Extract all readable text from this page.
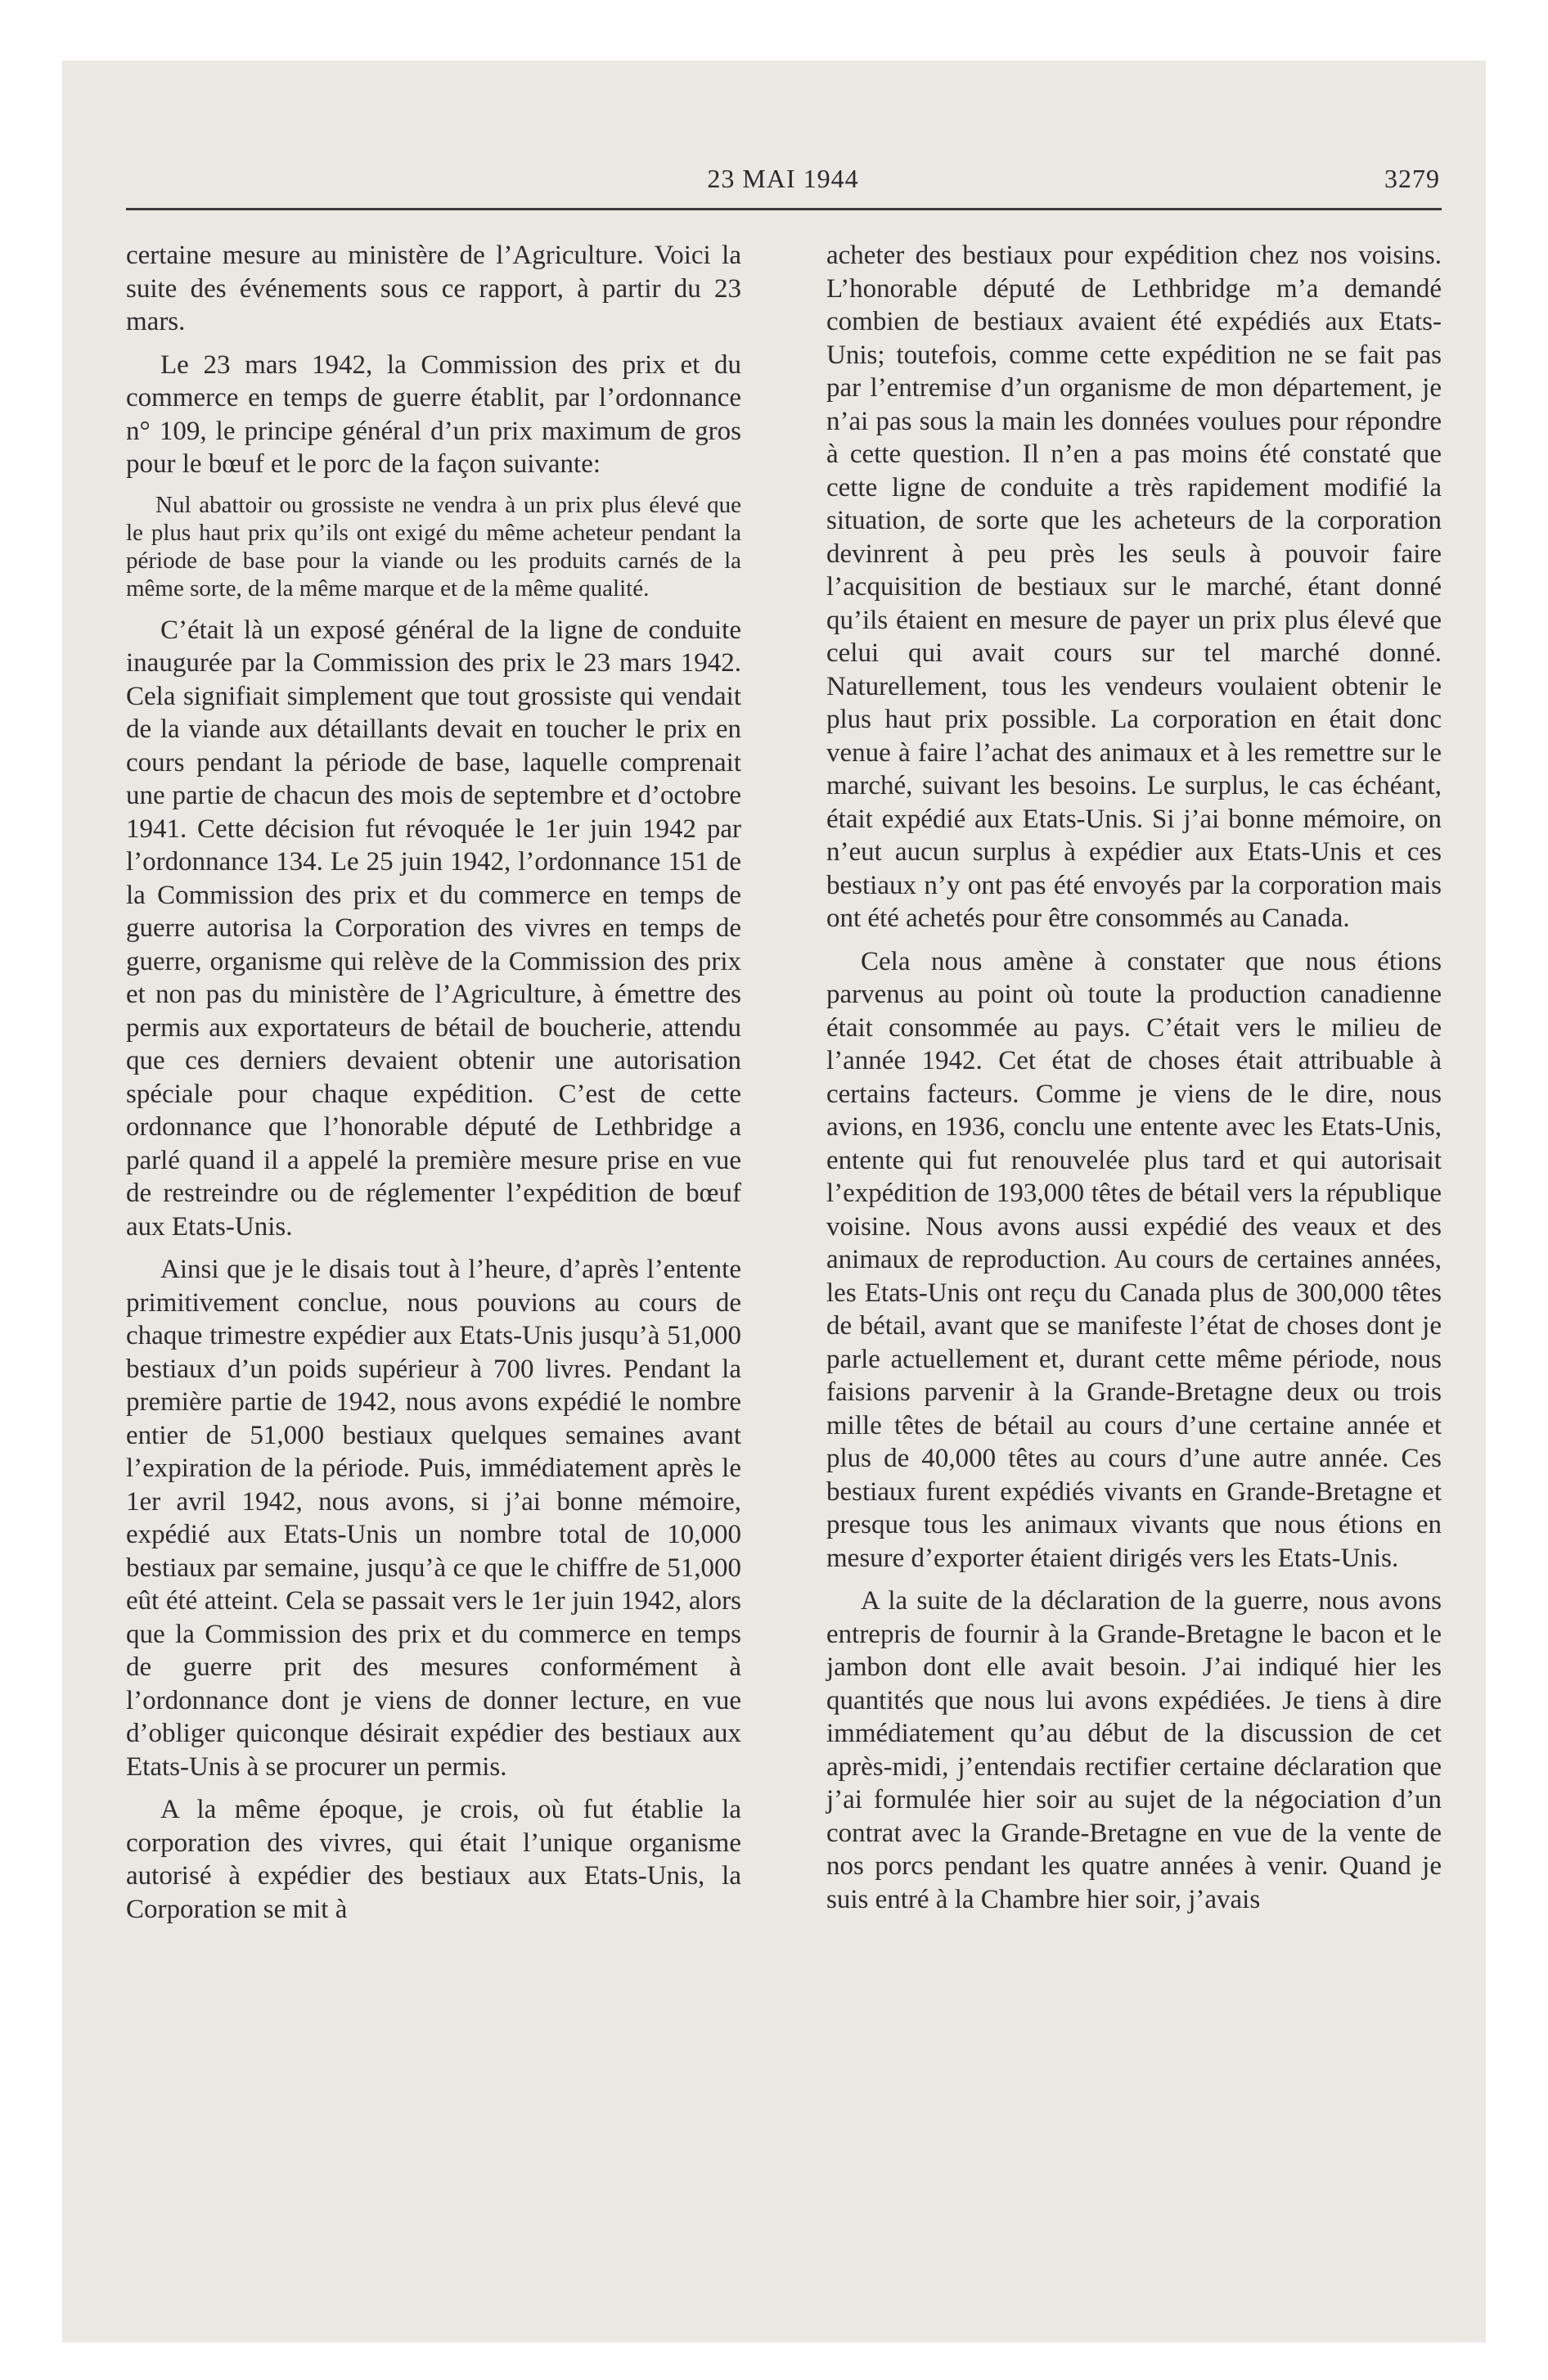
23 MAI 1944	3279

certaine mesure au ministère de l’Agriculture. Voici la suite des événements sous ce rapport, à partir du 23 mars.

Le 23 mars 1942, la Commission des prix et du commerce en temps de guerre établit, par l’ordonnance n° 109, le principe général d’un prix maximum de gros pour le bœuf et le porc de la façon suivante:

Nul abattoir ou grossiste ne vendra à un prix plus élevé que le plus haut prix qu’ils ont exigé du même acheteur pendant la période de base pour la viande ou les produits carnés de la même sorte, de la même marque et de la même qualité.

C’était là un exposé général de la ligne de conduite inaugurée par la Commission des prix le 23 mars 1942. Cela signifiait simplement que tout grossiste qui vendait de la viande aux détaillants devait en toucher le prix en cours pendant la période de base, laquelle comprenait une partie de chacun des mois de septembre et d’octobre 1941. Cette décision fut révoquée le 1er juin 1942 par l’ordonnance 134. Le 25 juin 1942, l’ordonnance 151 de la Commission des prix et du commerce en temps de guerre autorisa la Corporation des vivres en temps de guerre, organisme qui relève de la Commission des prix et non pas du ministère de l’Agriculture, à émettre des permis aux exportateurs de bétail de boucherie, attendu que ces derniers devaient obtenir une autorisation spéciale pour chaque expédition. C’est de cette ordonnance que l’honorable député de Lethbridge a parlé quand il a appelé la première mesure prise en vue de restreindre ou de réglementer l’expédition de bœuf aux Etats-Unis.

Ainsi que je le disais tout à l’heure, d’après l’entente primitivement conclue, nous pouvions au cours de chaque trimestre expédier aux Etats-Unis jusqu’à 51,000 bestiaux d’un poids supérieur à 700 livres. Pendant la première partie de 1942, nous avons expédié le nombre entier de 51,000 bestiaux quelques semaines avant l’expiration de la période. Puis, immédiatement après le 1er avril 1942, nous avons, si j’ai bonne mémoire, expédié aux Etats-Unis un nombre total de 10,000 bestiaux par semaine, jusqu’à ce que le chiffre de 51,000 eût été atteint. Cela se passait vers le 1er juin 1942, alors que la Commission des prix et du commerce en temps de guerre prit des mesures conformément à l’ordonnance dont je viens de donner lecture, en vue d’obliger quiconque désirait expédier des bestiaux aux Etats-Unis à se procurer un permis.

A la même époque, je crois, où fut établie la corporation des vivres, qui était l’unique organisme autorisé à expédier des bestiaux aux Etats-Unis, la Corporation se mit à

acheter des bestiaux pour expédition chez nos voisins. L’honorable député de Lethbridge m’a demandé combien de bestiaux avaient été expédiés aux Etats-Unis; toutefois, comme cette expédition ne se fait pas par l’entremise d’un organisme de mon département, je n’ai pas sous la main les données voulues pour répondre à cette question. Il n’en a pas moins été constaté que cette ligne de conduite a très rapidement modifié la situation, de sorte que les acheteurs de la corporation devinrent à peu près les seuls à pouvoir faire l’acquisition de bestiaux sur le marché, étant donné qu’ils étaient en mesure de payer un prix plus élevé que celui qui avait cours sur tel marché donné. Naturellement, tous les vendeurs voulaient obtenir le plus haut prix possible. La corporation en était donc venue à faire l’achat des animaux et à les remettre sur le marché, suivant les besoins. Le surplus, le cas échéant, était expédié aux Etats-Unis. Si j’ai bonne mémoire, on n’eut aucun surplus à expédier aux Etats-Unis et ces bestiaux n’y ont pas été envoyés par la corporation mais ont été achetés pour être consommés au Canada.

Cela nous amène à constater que nous étions parvenus au point où toute la production canadienne était consommée au pays. C’était vers le milieu de l’année 1942. Cet état de choses était attribuable à certains facteurs. Comme je viens de le dire, nous avions, en 1936, conclu une entente avec les Etats-Unis, entente qui fut renouvelée plus tard et qui autorisait l’expédition de 193,000 têtes de bétail vers la république voisine. Nous avons aussi expédié des veaux et des animaux de reproduction. Au cours de certaines années, les Etats-Unis ont reçu du Canada plus de 300,000 têtes de bétail, avant que se manifeste l’état de choses dont je parle actuellement et, durant cette même période, nous faisions parvenir à la Grande-Bretagne deux ou trois mille têtes de bétail au cours d’une certaine année et plus de 40,000 têtes au cours d’une autre année. Ces bestiaux furent expédiés vivants en Grande-Bretagne et presque tous les animaux vivants que nous étions en mesure d’exporter étaient dirigés vers les Etats-Unis.

A la suite de la déclaration de la guerre, nous avons entrepris de fournir à la Grande-Bretagne le bacon et le jambon dont elle avait besoin. J’ai indiqué hier les quantités que nous lui avons expédiées. Je tiens à dire immédiatement qu’au début de la discussion de cet après-midi, j’entendais rectifier certaine déclaration que j’ai formulée hier soir au sujet de la négociation d’un contrat avec la Grande-Bretagne en vue de la vente de nos porcs pendant les quatre années à venir. Quand je suis entré à la Chambre hier soir, j’avais
